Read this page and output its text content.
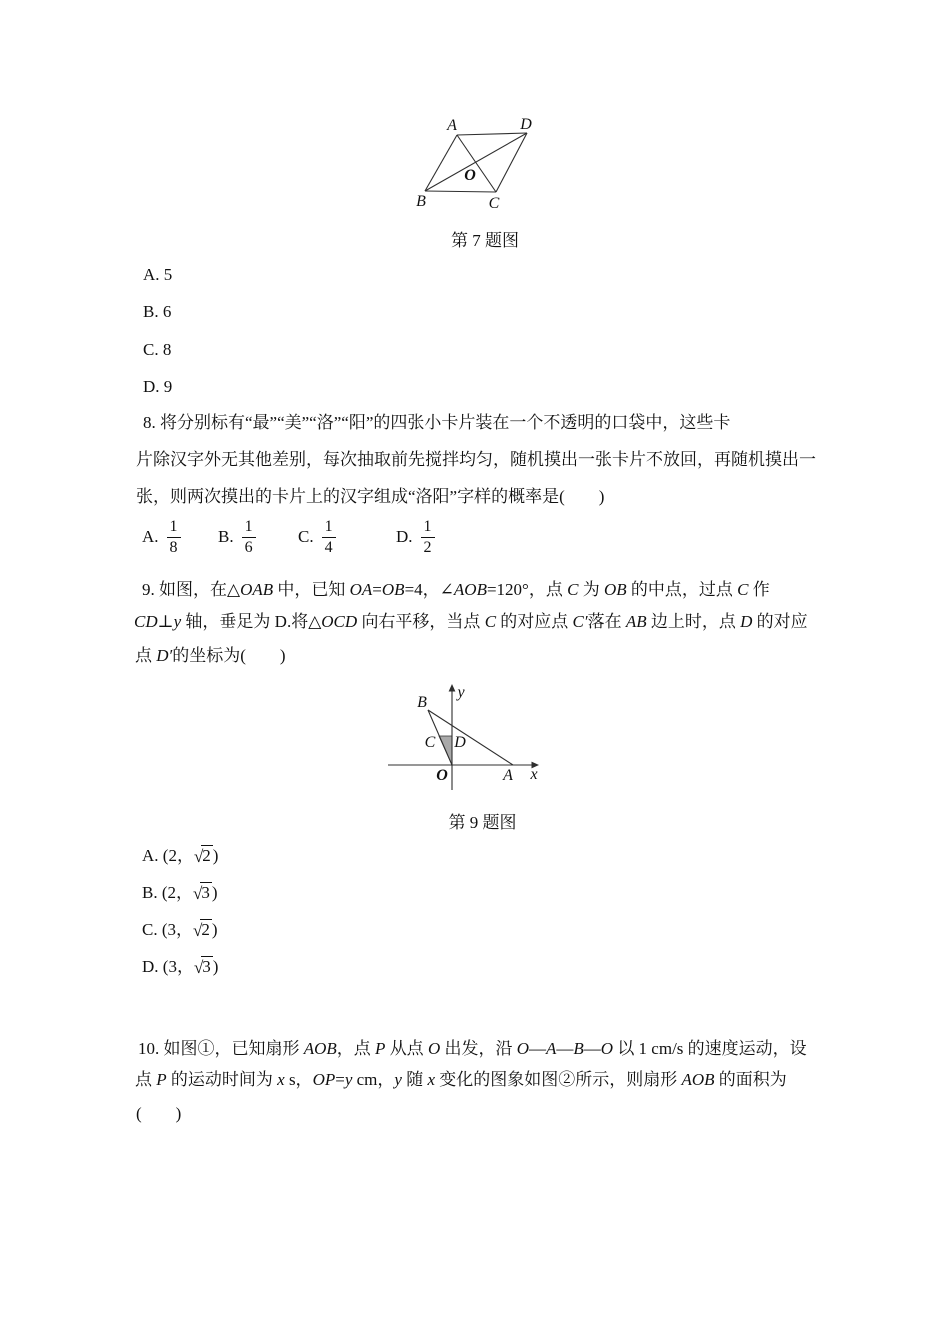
A	D
B	C
O
第 7 题图
A. 5
B. 6
C. 8
D. 9
8. 将分别标有“最”“美”“洛”“阳”的四张小卡片装在一个不透明的口袋中，这些卡
片除汉字外无其他差别，每次抽取前先搅拌均匀，随机摸出一张卡片不放回，再随机摸出一
张，则两次摸出的卡片上的汉字组成“洛阳”字样的概率是(　　)
A. $\frac{1}{8} B$. $\frac{1}{6} C$. $\frac{1}{4}$	D. $\frac{1}{2}$
9. 如图，在△OAB 中，已知 OA=OB=4，∠AOB=120°，点 C 为 OB 的中点，过点 C 作
CD⊥y 轴，垂足为 D.将△OCD 向右平移，当点 C 的对应点 C′落在 AB 边上时，点 D 的对应
点 D′的坐标为(　　)
B
C D
O	A x
y
第 9 题图
A. (2， √ 2 )
B. (2， √ 3 )
C. (3， √ 2 )
D. (3， √ 3 )
10. 如图①，已知扇形 AOB，点 P 从点 O 出发，沿 O—A—B—O 以 1 cm/s 的速度运动，设
点 P 的运动时间为 x s，OP=y cm，y 随 x 变化的图象如图②所示，则扇形 AOB 的面积为
(　　)
